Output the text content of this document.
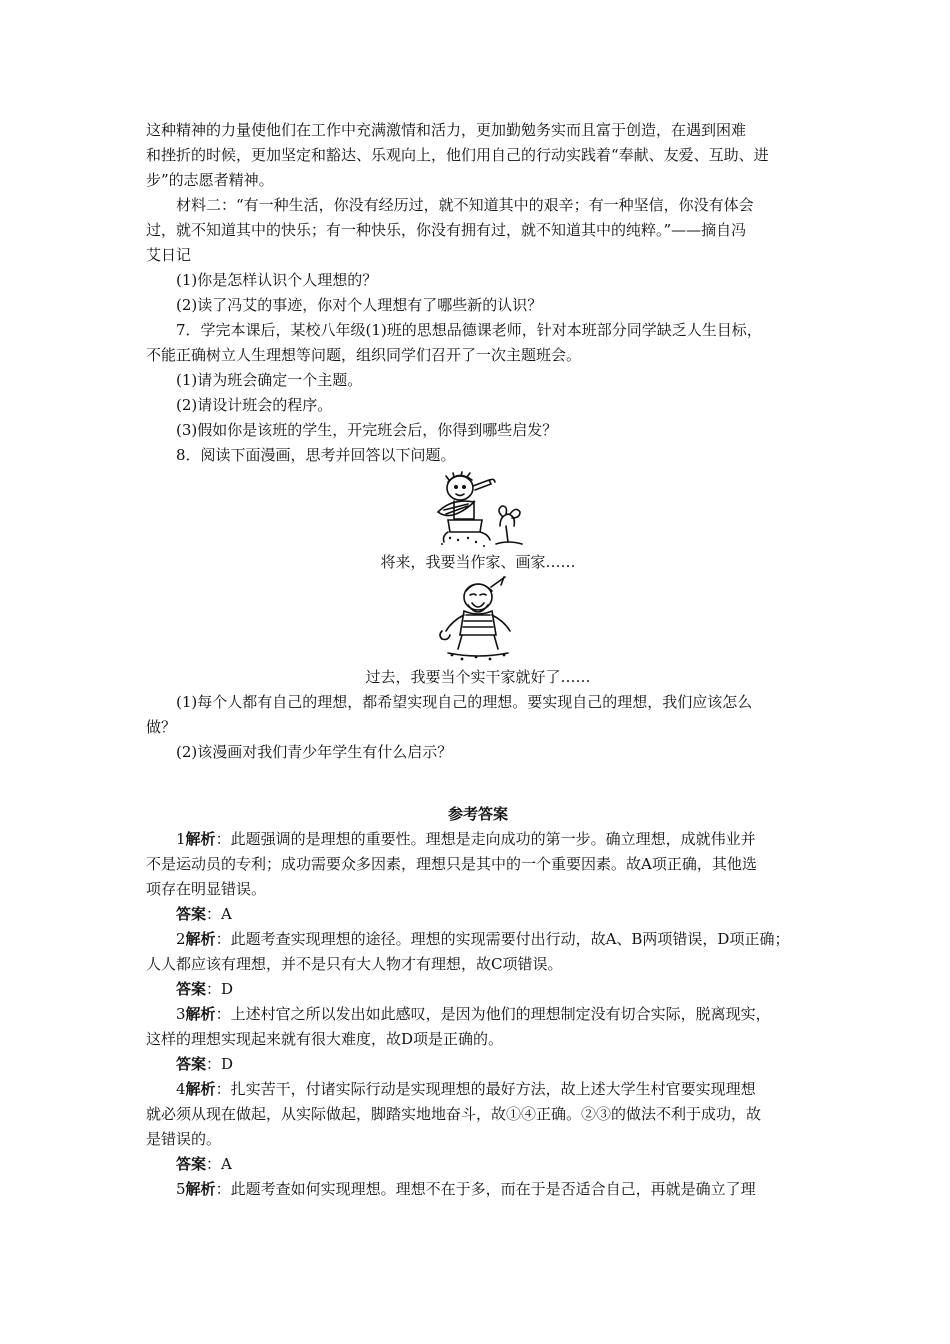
这种精神的力量使他们在工作中充满激情和活力，更加勤勉务实而且富于创造，在遇到困难

和挫折的时候，更加坚定和豁达、乐观向上，他们用自己的行动实践着“奉献、友爱、互助、进

步”的志愿者精神。

材料二：“有一种生活，你没有经历过，就不知道其中的艰辛；有一种坚信，你没有体会

过，就不知道其中的快乐；有一种快乐，你没有拥有过，就不知道其中的纯粹。”——摘自冯

艾日记

(1)你是怎样认识个人理想的？

(2)读了冯艾的事迹，你对个人理想有了哪些新的认识？

7．学完本课后，某校八年级(1)班的思想品德课老师，针对本班部分同学缺乏人生目标，

不能正确树立人生理想等问题，组织同学们召开了一次主题班会。

(1)请为班会确定一个主题。

(2)请设计班会的程序。

(3)假如你是该班的学生，开完班会后，你得到哪些启发？

8．阅读下面漫画，思考并回答以下问题。

将来，我要当作家、画家……

过去，我要当个实干家就好了……

(1)每个人都有自己的理想，都希望实现自己的理想。要实现自己的理想，我们应该怎么

做？

(2)该漫画对我们青少年学生有什么启示？

参考答案

1解析：此题强调的是理想的重要性。理想是走向成功的第一步。确立理想，成就伟业并

不是运动员的专利；成功需要众多因素，理想只是其中的一个重要因素。故A项正确，其他选

项存在明显错误。

答案：A

2解析：此题考查实现理想的途径。理想的实现需要付出行动，故A、B两项错误，D项正确；

人人都应该有理想，并不是只有大人物才有理想，故C项错误。

答案：D

3解析：上述村官之所以发出如此感叹，是因为他们的理想制定没有切合实际，脱离现实，

这样的理想实现起来就有很大难度，故D项是正确的。

答案：D

4解析：扎实苦干，付诸实际行动是实现理想的最好方法，故上述大学生村官要实现理想

就必须从现在做起，从实际做起，脚踏实地地奋斗，故①④正确。②③的做法不利于成功，故

是错误的。

答案：A

5解析：此题考查如何实现理想。理想不在于多，而在于是否适合自己，再就是确立了理
